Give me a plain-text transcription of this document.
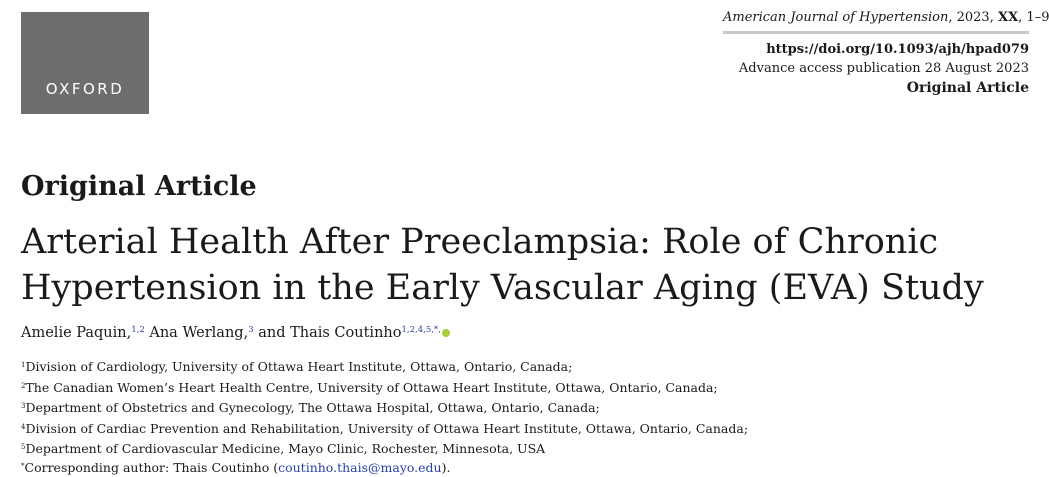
OXFORD
American Journal of Hypertension, 2023, XX, 1–9
https://doi.org/10.1093/ajh/hpad079
Advance access publication 28 August 2023
Original Article
Original Article
Arterial Health After Preeclampsia: Role of Chronic Hypertension in the Early Vascular Aging (EVA) Study
Amelie Paquin,$^{1,2}$ Ana Werlang,$^3$ and Thais Coutinho$^{1,2,4,5,*,}$
$^1$Division of Cardiology, University of Ottawa Heart Institute, Ottawa, Ontario, Canada;
$^2$The Canadian Women’s Heart Health Centre, University of Ottawa Heart Institute, Ottawa, Ontario, Canada;
$^3$Department of Obstetrics and Gynecology, The Ottawa Hospital, Ottawa, Ontario, Canada;
$^4$Division of Cardiac Prevention and Rehabilitation, University of Ottawa Heart Institute, Ottawa, Ontario, Canada;
$^5$Department of Cardiovascular Medicine, Mayo Clinic, Rochester, Minnesota, USA
*Corresponding author: Thais Coutinho (coutinho.thais@mayo.edu).
